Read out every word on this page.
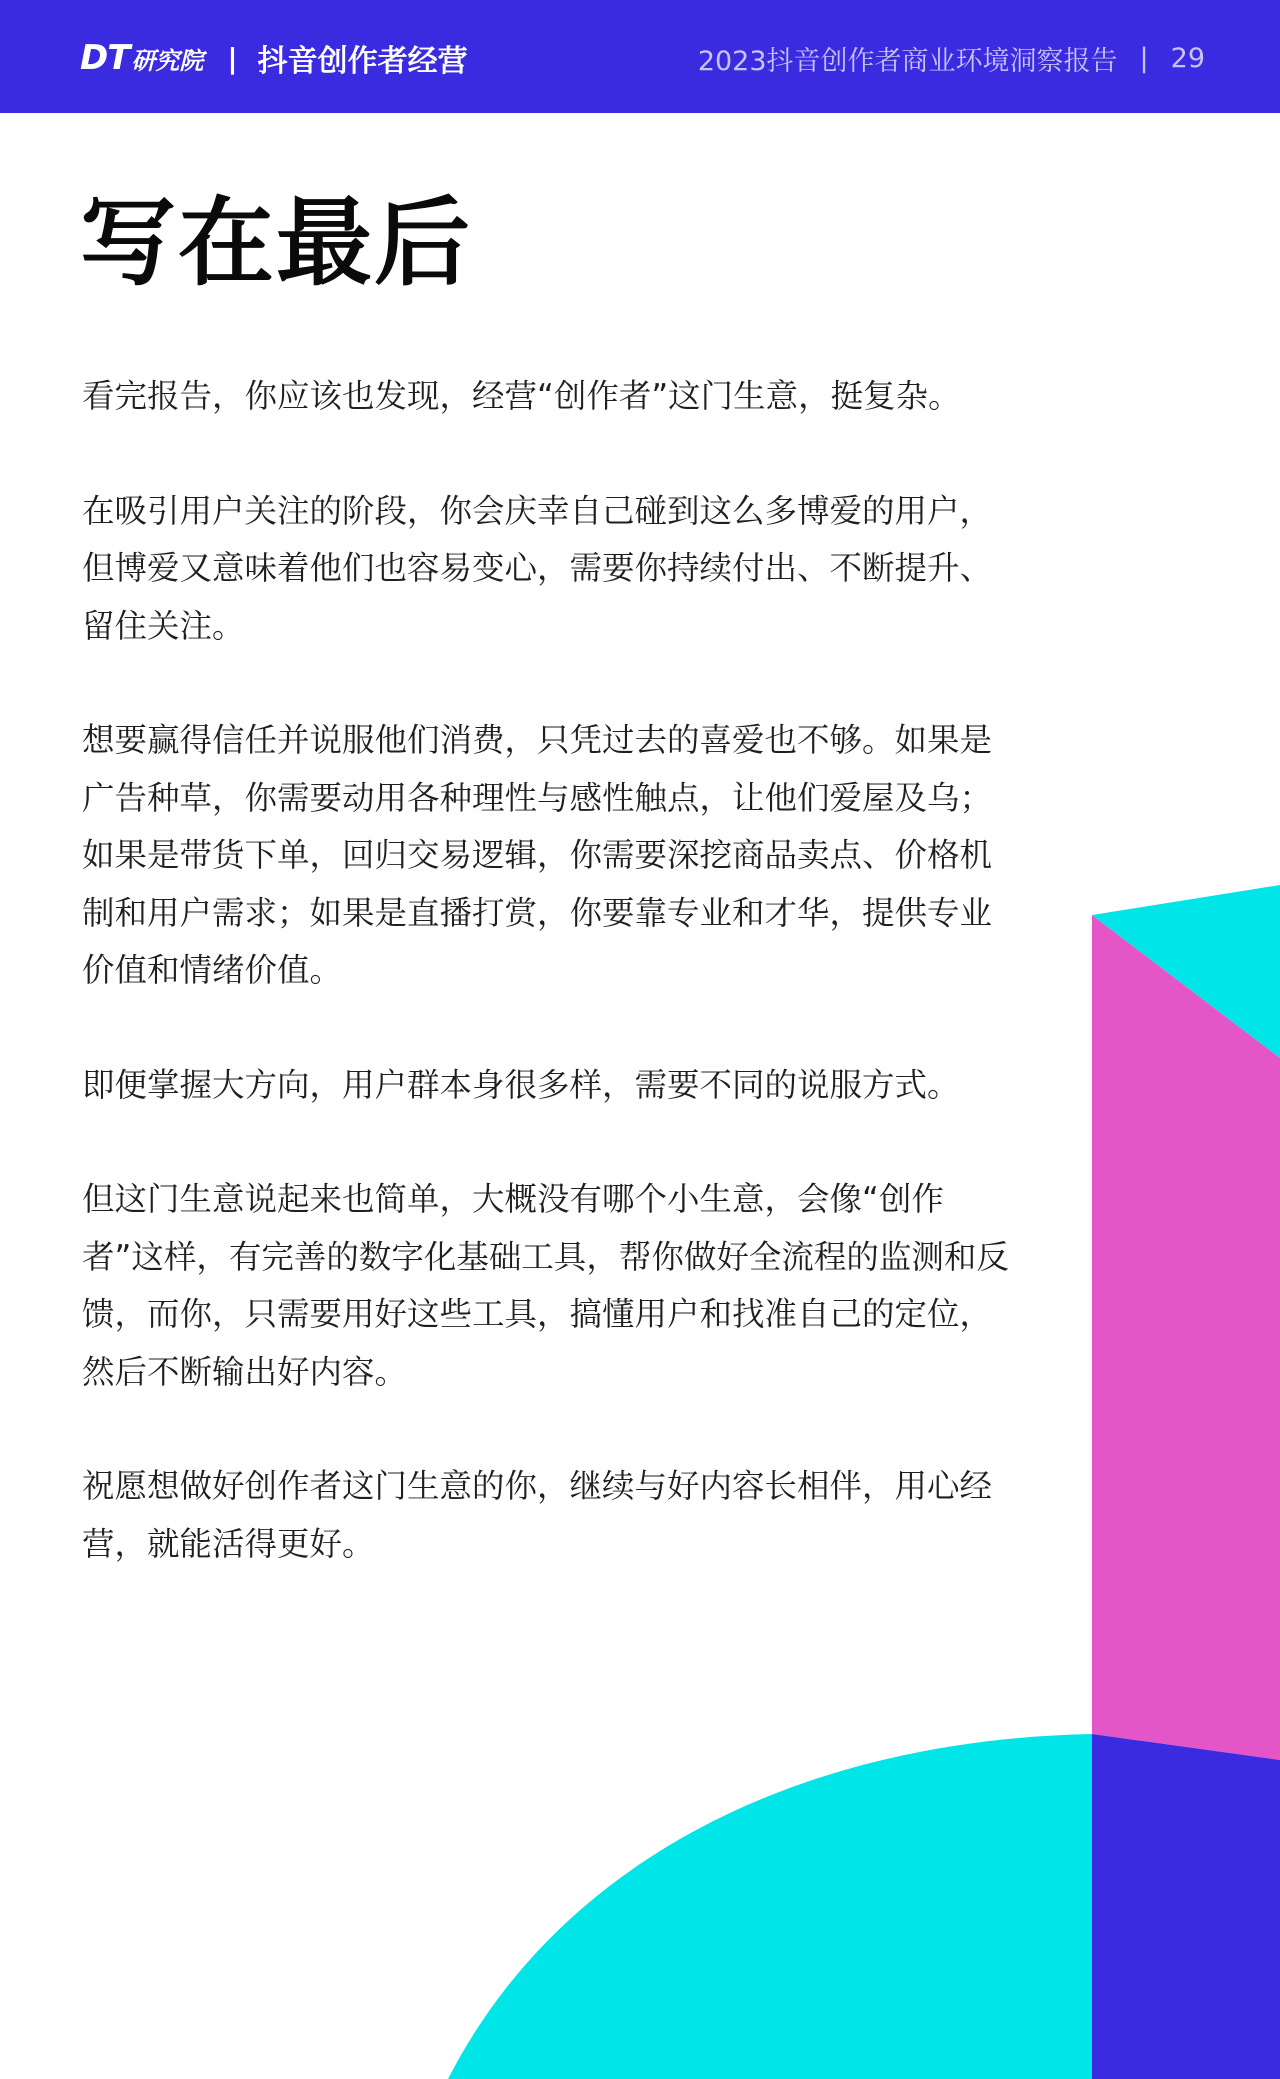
DT 研究院 | 抖音创作者经营	2023抖音创作者商业环境洞察报告 | 29
写在最后

看完报告，你应该也发现，经营“创作者”这门生意，挺复杂。

在吸引用户关注的阶段，你会庆幸自己碰到这么多博爱的用户，但博爱又意味着他们也容易变心，需要你持续付出、不断提升、留住关注。

想要赢得信任并说服他们消费，只凭过去的喜爱也不够。如果是广告种草，你需要动用各种理性与感性触点，让他们爱屋及乌；如果是带货下单，回归交易逻辑，你需要深挖商品卖点、价格机制和用户需求；如果是直播打赏，你要靠专业和才华，提供专业价值和情绪价值。

即便掌握大方向，用户群本身很多样，需要不同的说服方式。

但这门生意说起来也简单，大概没有哪个小生意，会像“创作者”这样，有完善的数字化基础工具，帮你做好全流程的监测和反馈，而你，只需要用好这些工具，搞懂用户和找准自己的定位，然后不断输出好内容。

祝愿想做好创作者这门生意的你，继续与好内容长相伴，用心经营，就能活得更好。
